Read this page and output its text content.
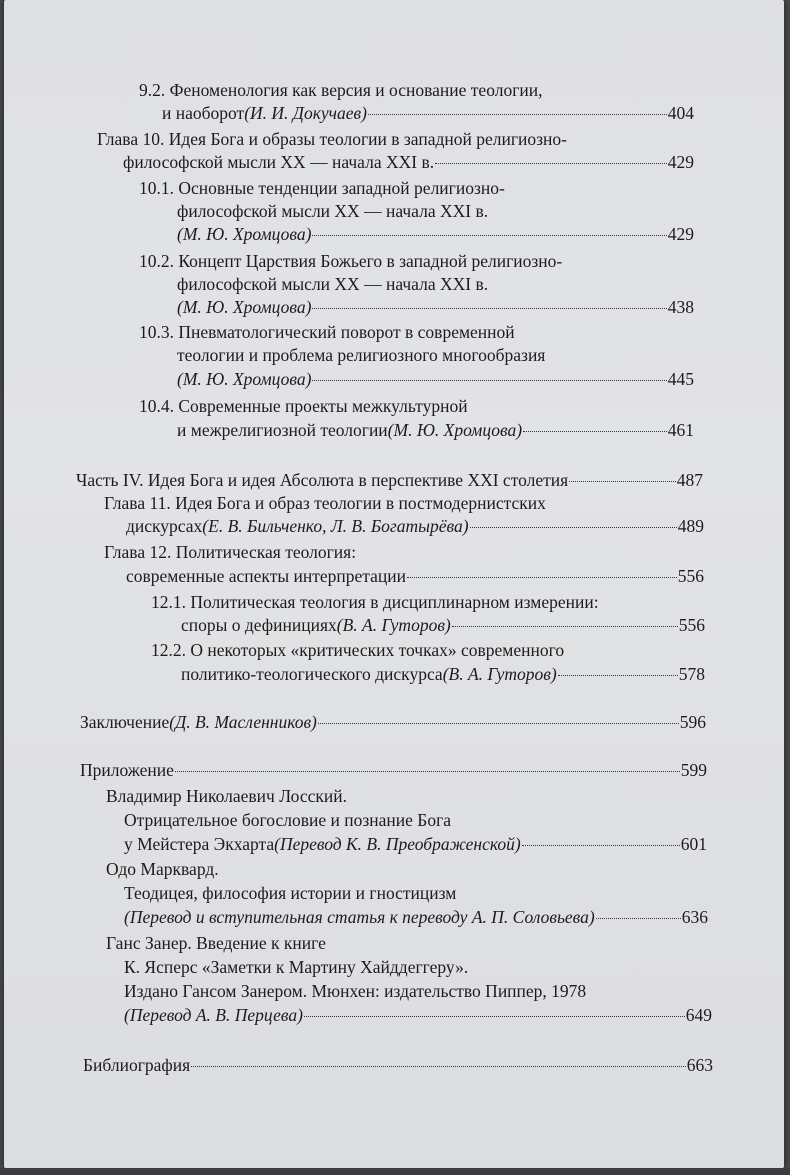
9.2. Феноменология как версия и основание теологии,
и наоборот (И. И. Докучаев)	404
Глава 10. Идея Бога и образы теологии в западной религиозно-
философской мысли XX — начала XXI в.	429
10.1. Основные тенденции западной религиозно-
философской мысли XX — начала XXI в.
(М. Ю. Хромцова)	429
10.2. Концепт Царствия Божьего в западной религиозно-
философской мысли XX — начала XXI в.
(М. Ю. Хромцова)	438
10.3. Пневматологический поворот в современной
теологии и проблема религиозного многообразия
(М. Ю. Хромцова)	445
10.4. Современные проекты межкультурной
и межрелигиозной теологии (М. Ю. Хромцова)	461
Часть IV. Идея Бога и идея Абсолюта в перспективе XXI столетия	487
Глава 11. Идея Бога и образ теологии в постмодернистских
дискурсах (Е. В. Бильченко, Л. В. Богатырёва)	489
Глава 12. Политическая теология:
современные аспекты интерпретации	556
12.1. Политическая теология в дисциплинарном измерении:
споры о дефинициях (В. А. Гуторов)	556
12.2. О некоторых «критических точках» современного
политико-теологического дискурса (В. А. Гуторов)	578
Заключение (Д. В. Масленников)	596
Приложение	599
Владимир Николаевич Лосский.
Отрицательное богословие и познание Бога
у Мейстера Экхарта (Перевод К. В. Преображенской)	601
Одо Марквард.
Теодицея, философия истории и гностицизм
(Перевод и вступительная статья к переводу А. П. Соловьева)	636
Ганс Занер. Введение к книге
К. Ясперс «Заметки к Мартину Хайддеггеру».
Издано Гансом Занером. Мюнхен: издательство Пиппер, 1978
(Перевод А. В. Перцева)	649
Библиография	663
